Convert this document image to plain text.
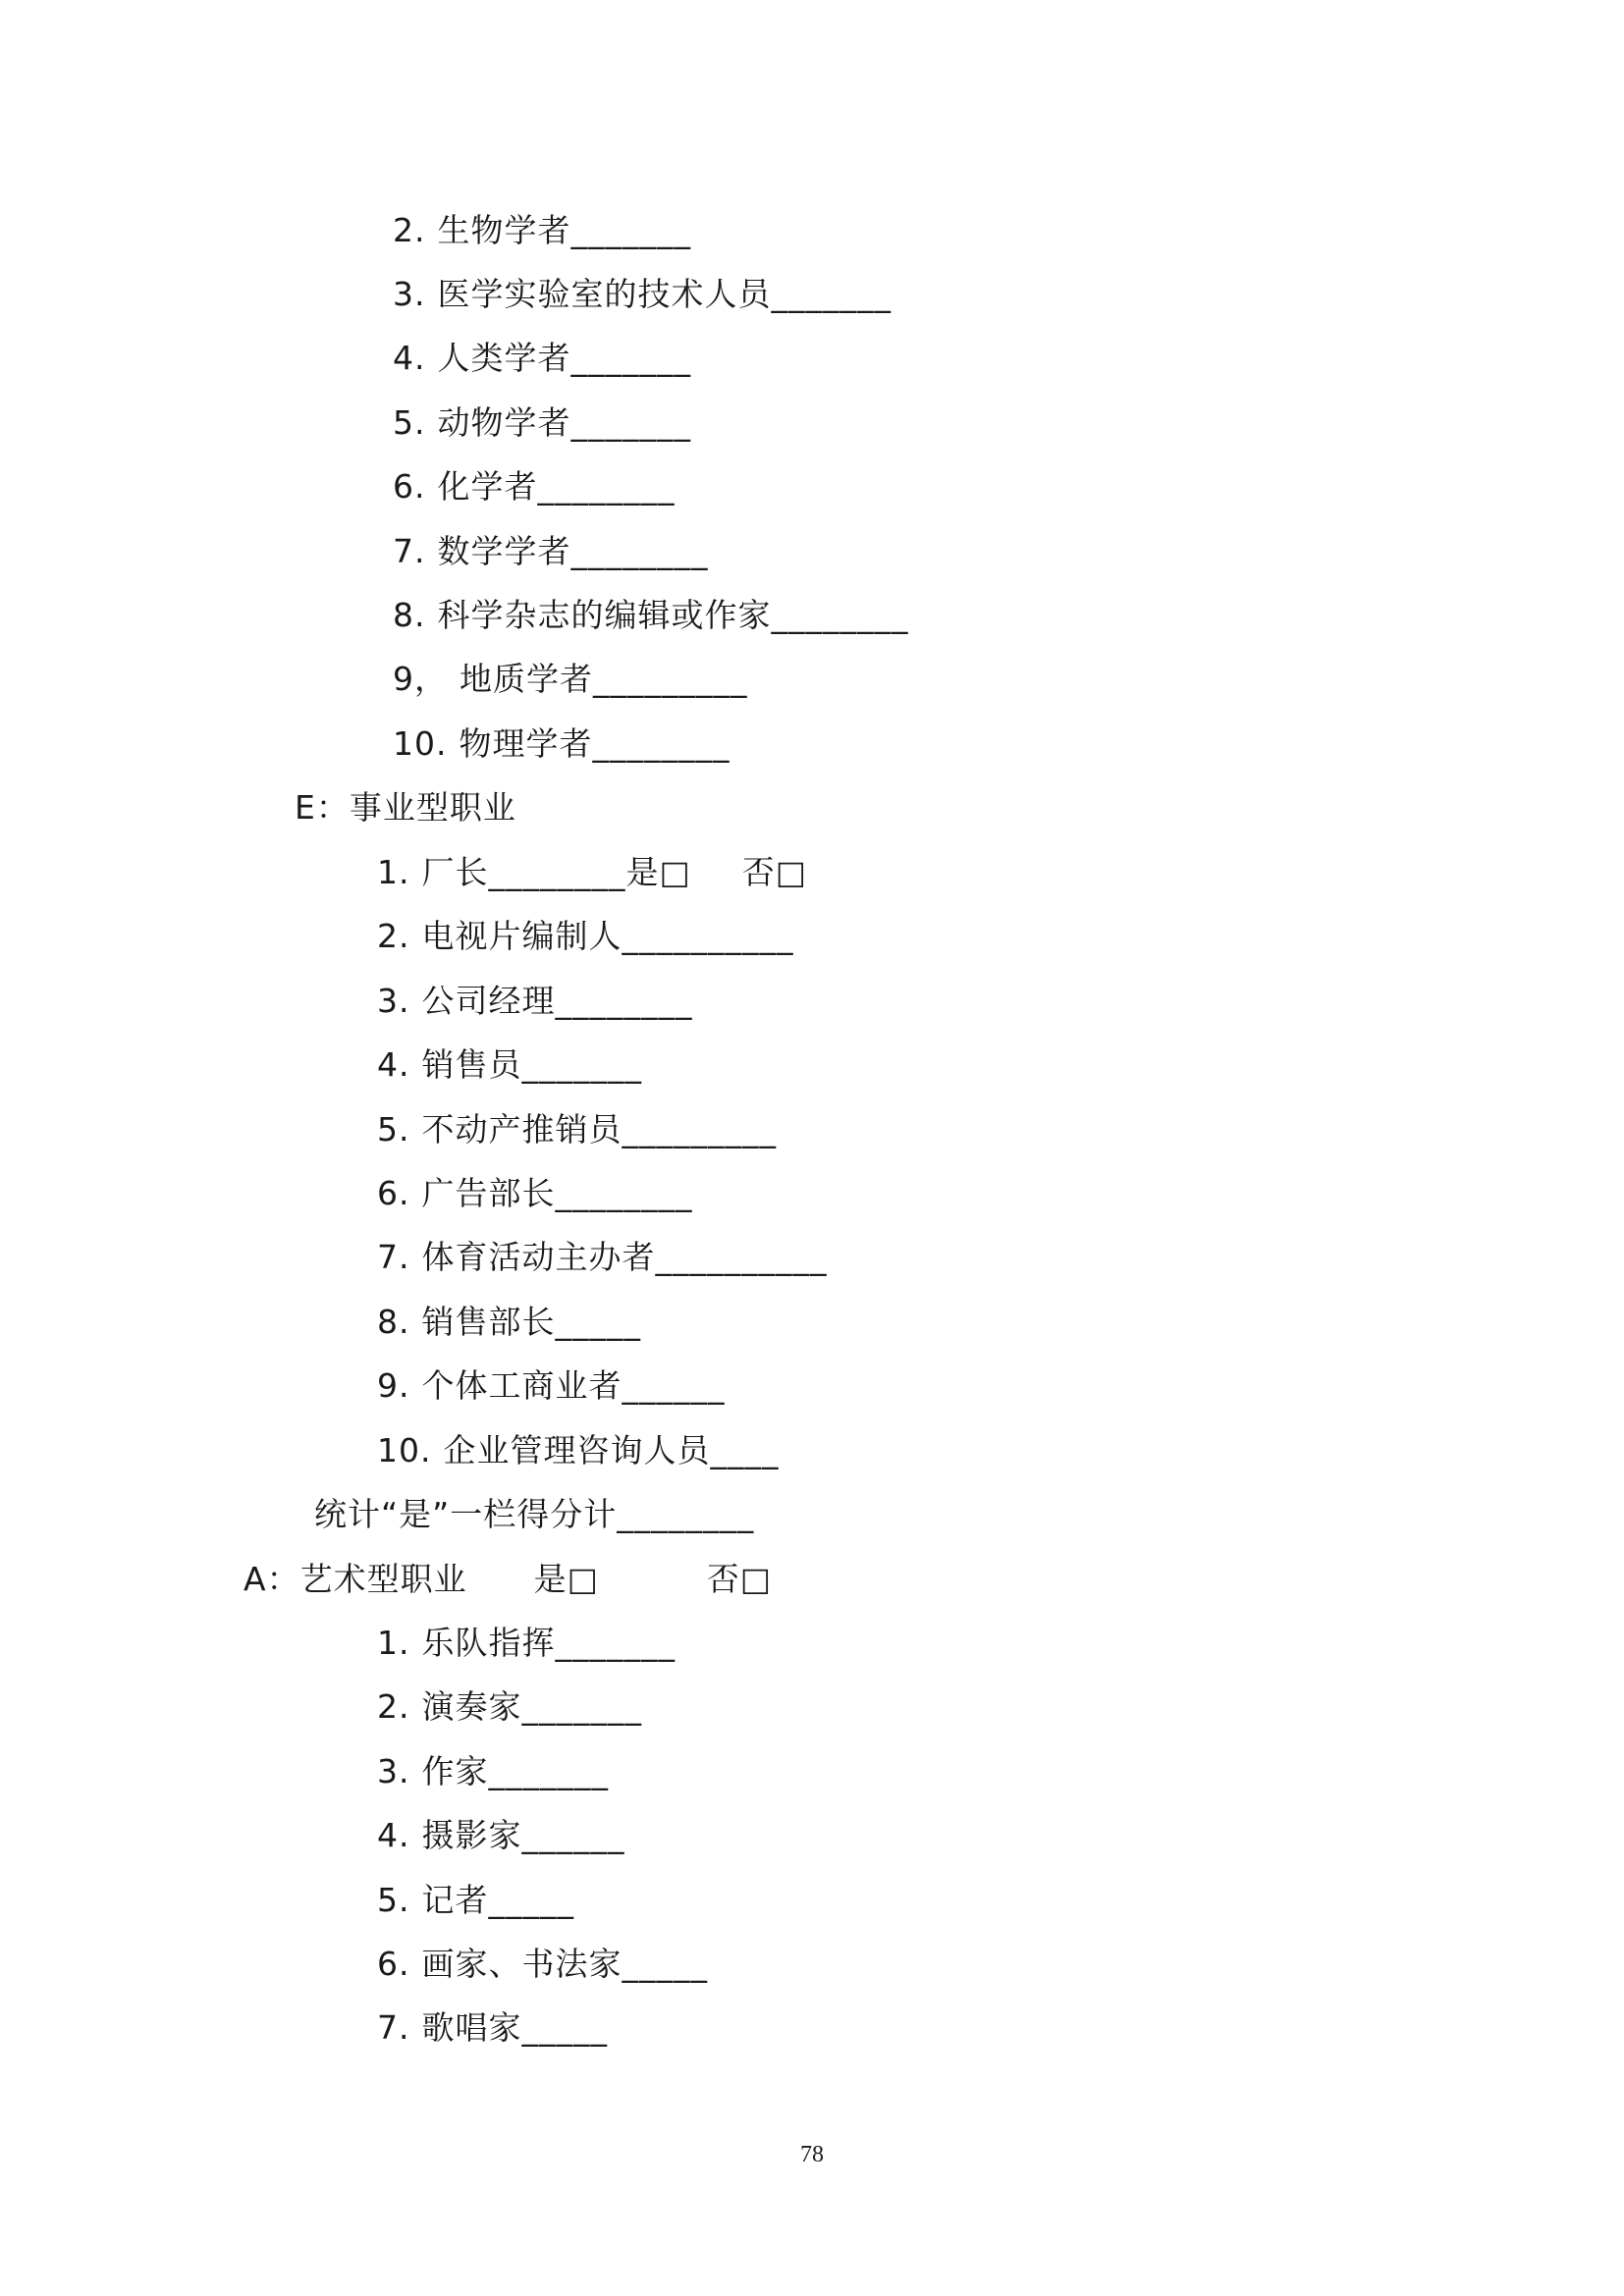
2. 生物学者_______
3. 医学实验室的技术人员_______
4. 人类学者_______
5. 动物学者_______
6. 化学者________
7. 数学学者________
8. 科学杂志的编辑或作家________
9， 地质学者_________
10. 物理学者________
E：事业型职业
1. 厂长________是□ 否□
2. 电视片编制人__________
3. 公司经理________
4. 销售员_______
5. 不动产推销员_________
6. 广告部长________
7. 体育活动主办者__________
8. 销售部长_____
9. 个体工商业者______
10. 企业管理咨询人员____
统计“是”一栏得分计________
A：艺术型职业 是□	否□
1. 乐队指挥_______
2. 演奏家_______
3. 作家_______
4. 摄影家______
5. 记者_____
6. 画家、书法家_____
7. 歌唱家_____
78
